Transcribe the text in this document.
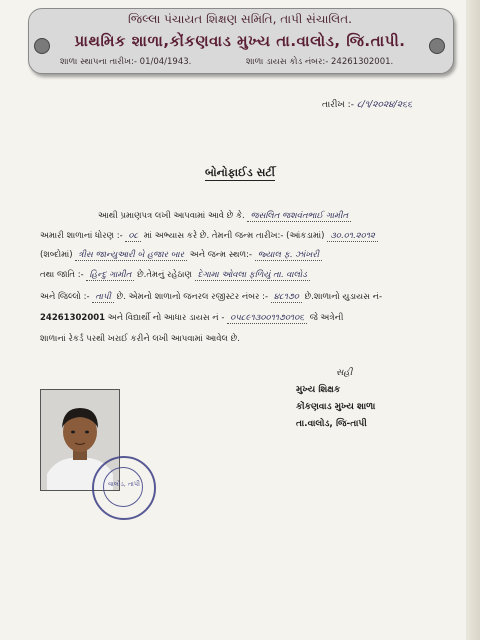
જિલ્લા પંચાયત શિક્ષણ સમિતિ, તાપી સંચાલિત.
પ્રાથમિક શાળા,કોંકણવાડ મુખ્ય તા.વાલોડ, જિ.તાપી.
શાળા સ્થાપના તારીખ:- 01/04/1943.	શાળા ડાયસ કોડ નંબર:- 24261302001.
તારીખ :- ૮/૧/૨૦૨૪/૨૬૬
બોનોફાઈડ સર્ટી
આથી પ્રમાણપત્ર લખી આપવામાં આવે છે કે. જસલિત જશવંતભાઈ ગામીત
અમારી શાળાનાં ધોરણ :- ૦૮ માં અભ્યાસ કરે છે. તેમની જન્મ તારીખ:- (આંકડામાં) ૩૦.૦૧.૨૦૧૨
(શબ્દોમાં) ત્રીસ જાન્યુઆરી બે હજાર બાર અને જન્મ સ્થળ:- જ્યાલ ફ. ઝાંખરી
તથા જાતિ :- હિન્દુ ગામીત છે.તેમનું રહેઠાણ દેગામા ઓવલા ફળિયું તા. વાલોડ
અને જિલ્લો :- તાપી છે. એમનો શાળાનો જનરલ રજીસ્ટર નંબર :- ૪૮૧૭૦ છે.શાળાનો યુડાયસ નં-
24261302001 અને વિદ્યાર્થી નો આધાર ડાયસ નં - ૦૫૮૯૧૩૦૦૧૧૭૦૧૦૬ જે અત્રેની
શાળાનાં રેકર્ડ પરથી ખરાઈ કરીને લખી આપવામાં આવેલ છે.
સહી
મુખ્ય શિક્ષક
કોંકણવાડ મુખ્ય શાળા
તા.વાલોડ, જિ-તાપી
વાલોડ, તાપી
